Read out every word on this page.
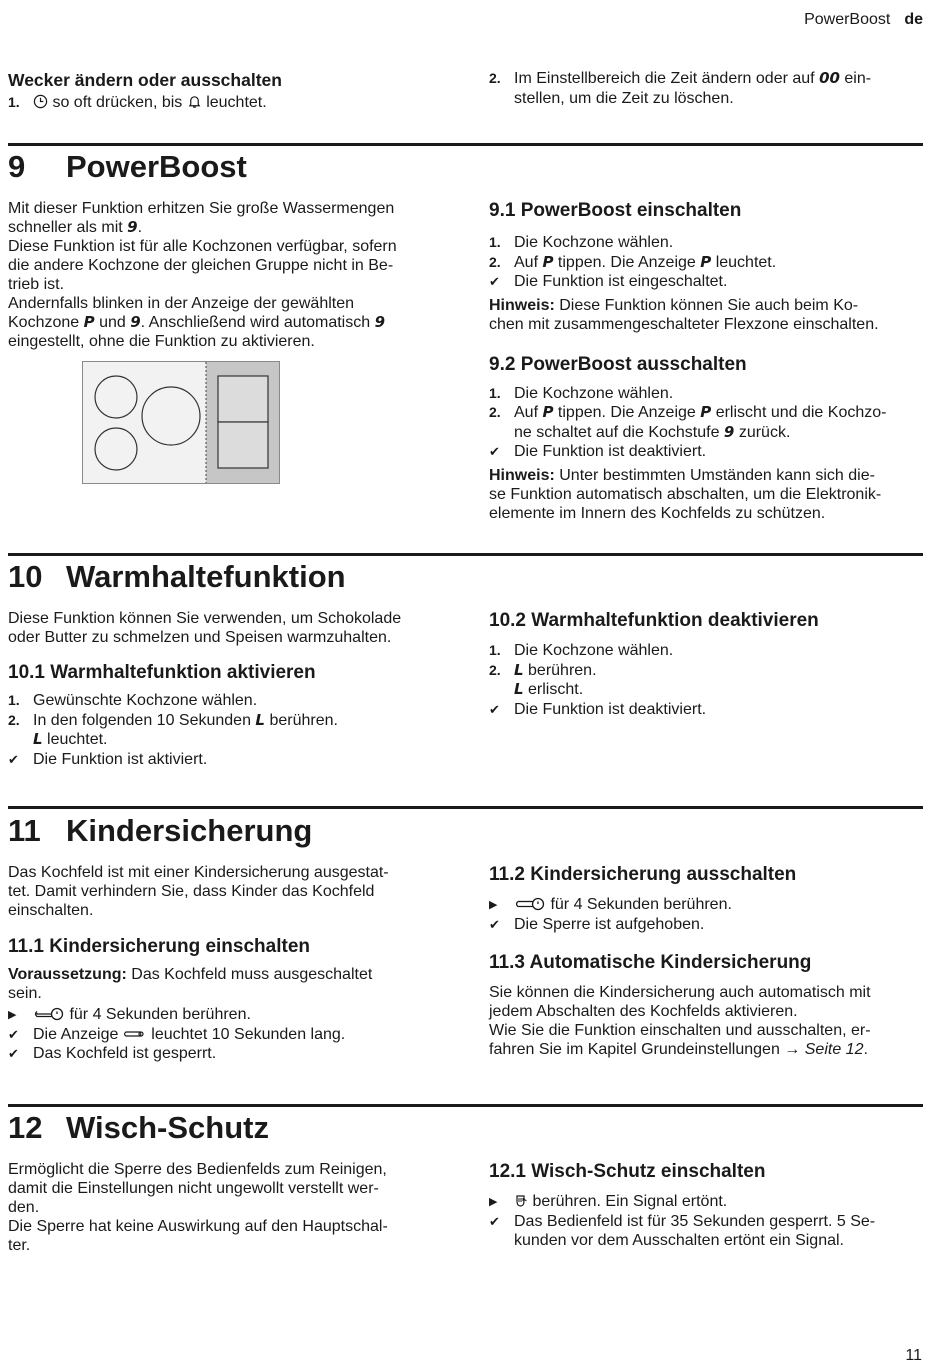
PowerBoost de
Wecker ändern oder ausschalten
1.	so oft drücken, bis leuchtet.
2. Im Einstellbereich die Zeit ändern oder auf 00 ein-
stellen, um die Zeit zu löschen.
9 PowerBoost

Mit dieser Funktion erhitzen Sie große Wassermengen
schneller als mit 9.
Diese Funktion ist für alle Kochzonen verfügbar, sofern
die andere Kochzone der gleichen Gruppe nicht in Be-
trieb ist.
Andernfalls blinken in der Anzeige der gewählten
Kochzone P und 9. Anschließend wird automatisch 9
eingestellt, ohne die Funktion zu aktivieren.

9.1 PowerBoost einschalten
1. Die Kochzone wählen.
2. Auf P tippen. Die Anzeige P leuchtet.
✔ Die Funktion ist eingeschaltet.

Hinweis: Diese Funktion können Sie auch beim Ko-
chen mit zusammengeschalteter Flexzone einschalten.

9.2 PowerBoost ausschalten
1. Die Kochzone wählen.
2. Auf P tippen. Die Anzeige P erlischt und die Kochzo-
ne schaltet auf die Kochstufe 9 zurück.
✔ Die Funktion ist deaktiviert.

Hinweis: Unter bestimmten Umständen kann sich die-
se Funktion automatisch abschalten, um die Elektronik-
elemente im Innern des Kochfelds zu schützen.

10 Warmhaltefunktion

Diese Funktion können Sie verwenden, um Schokolade
oder Butter zu schmelzen und Speisen warmzuhalten.

10.1 Warmhaltefunktion aktivieren
1. Gewünschte Kochzone wählen.
2. In den folgenden 10 Sekunden L berühren.
L leuchtet.
✔ Die Funktion ist aktiviert.
10.2 Warmhaltefunktion deaktivieren
1. Die Kochzone wählen.
2. L berühren.
L erlischt.
✔ Die Funktion ist deaktiviert.
11 Kindersicherung

Das Kochfeld ist mit einer Kindersicherung ausgestat-
tet. Damit verhindern Sie, dass Kinder das Kochfeld
einschalten.

11.1 Kindersicherung einschalten

Voraussetzung: Das Kochfeld muss ausgeschaltet
sein.

▶	für 4 Sekunden berühren.
✔ Die Anzeige leuchtet 10 Sekunden lang.
✔ Das Kochfeld ist gesperrt.
11.2 Kindersicherung ausschalten
▶	für 4 Sekunden berühren.
✔ Die Sperre ist aufgehoben.
11.3 Automatische Kindersicherung

Sie können die Kindersicherung auch automatisch mit
jedem Abschalten des Kochfelds aktivieren.
Wie Sie die Funktion einschalten und ausschalten, er-
fahren Sie im Kapitel Grundeinstellungen → Seite 12.

12 Wisch-Schutz

Ermöglicht die Sperre des Bedienfelds zum Reinigen,
damit die Einstellungen nicht ungewollt verstellt wer-
den.
Die Sperre hat keine Auswirkung auf den Hauptschal-
ter.

12.1 Wisch-Schutz einschalten
▶	berühren. Ein Signal ertönt.
✔ Das Bedienfeld ist für 35 Sekunden gesperrt. 5 Se-
kunden vor dem Ausschalten ertönt ein Signal.
11
